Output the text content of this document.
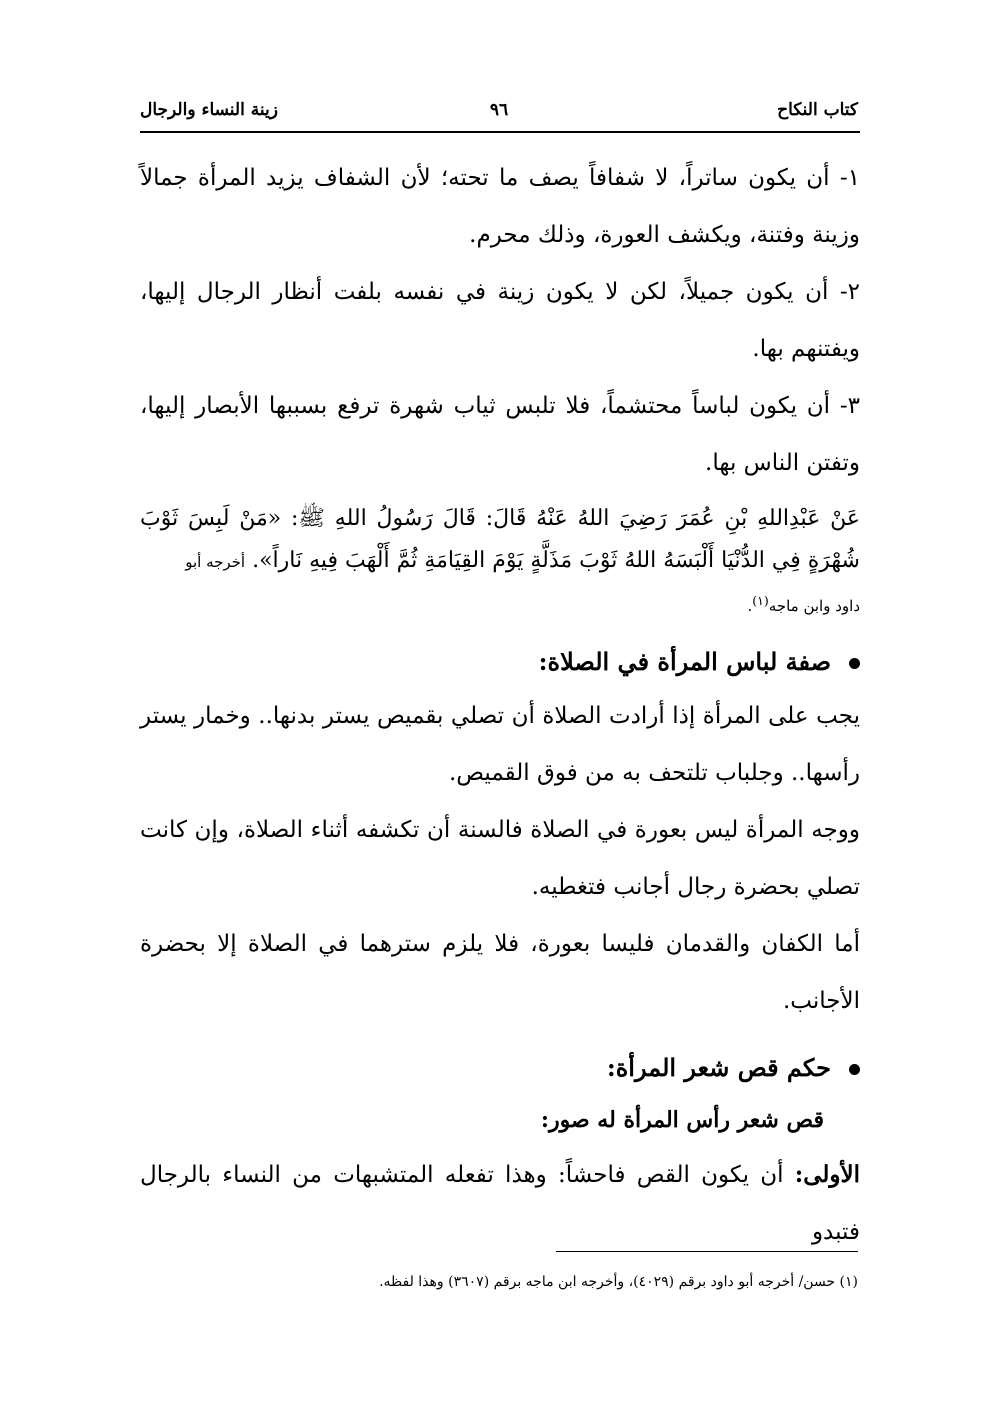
كتاب النكاح
٩٦
زينة النساء والرجال

١- أن يكون ساتراً، لا شفافاً يصف ما تحته؛ لأن الشفاف يزيد المرأة جمالاً وزينة وفتنة، ويكشف العورة، وذلك محرم.

٢- أن يكون جميلاً، لكن لا يكون زينة في نفسه بلفت أنظار الرجال إليها، ويفتنهم بها.

٣- أن يكون لباساً محتشماً، فلا تلبس ثياب شهرة ترفع بسببها الأبصار إليها، وتفتن الناس بها.

عَنْ عَبْدِاللهِ بْنِ عُمَرَ رَضِيَ اللهُ عَنْهُ قَالَ: قَالَ رَسُولُ اللهِ ﷺ: «مَنْ لَبِسَ ثَوْبَ شُهْرَةٍ فِي الدُّنْيَا أَلْبَسَهُ اللهُ ثَوْبَ مَذَلَّةٍ يَوْمَ القِيَامَةِ ثُمَّ أَلْهَبَ فِيهِ نَاراً». أخرجه أبو

داود وابن ماجه$^{(١)}$.

صفة لباس المرأة في الصلاة:

يجب على المرأة إذا أرادت الصلاة أن تصلي بقميص يستر بدنها.. وخمار يستر رأسها.. وجلباب تلتحف به من فوق القميص.

ووجه المرأة ليس بعورة في الصلاة فالسنة أن تكشفه أثناء الصلاة، وإن كانت تصلي بحضرة رجال أجانب فتغطيه.

أما الكفان والقدمان فليسا بعورة، فلا يلزم سترهما في الصلاة إلا بحضرة الأجانب.

حكم قص شعر المرأة:

قص شعر رأس المرأة له صور:

الأولى: أن يكون القص فاحشاً: وهذا تفعله المتشبهات من النساء بالرجال فتبدو

(١) حسن/ أخرجه أبو داود برقم (٤٠٢٩)، وأخرجه ابن ماجه برقم (٣٦٠٧) وهذا لفظه.
